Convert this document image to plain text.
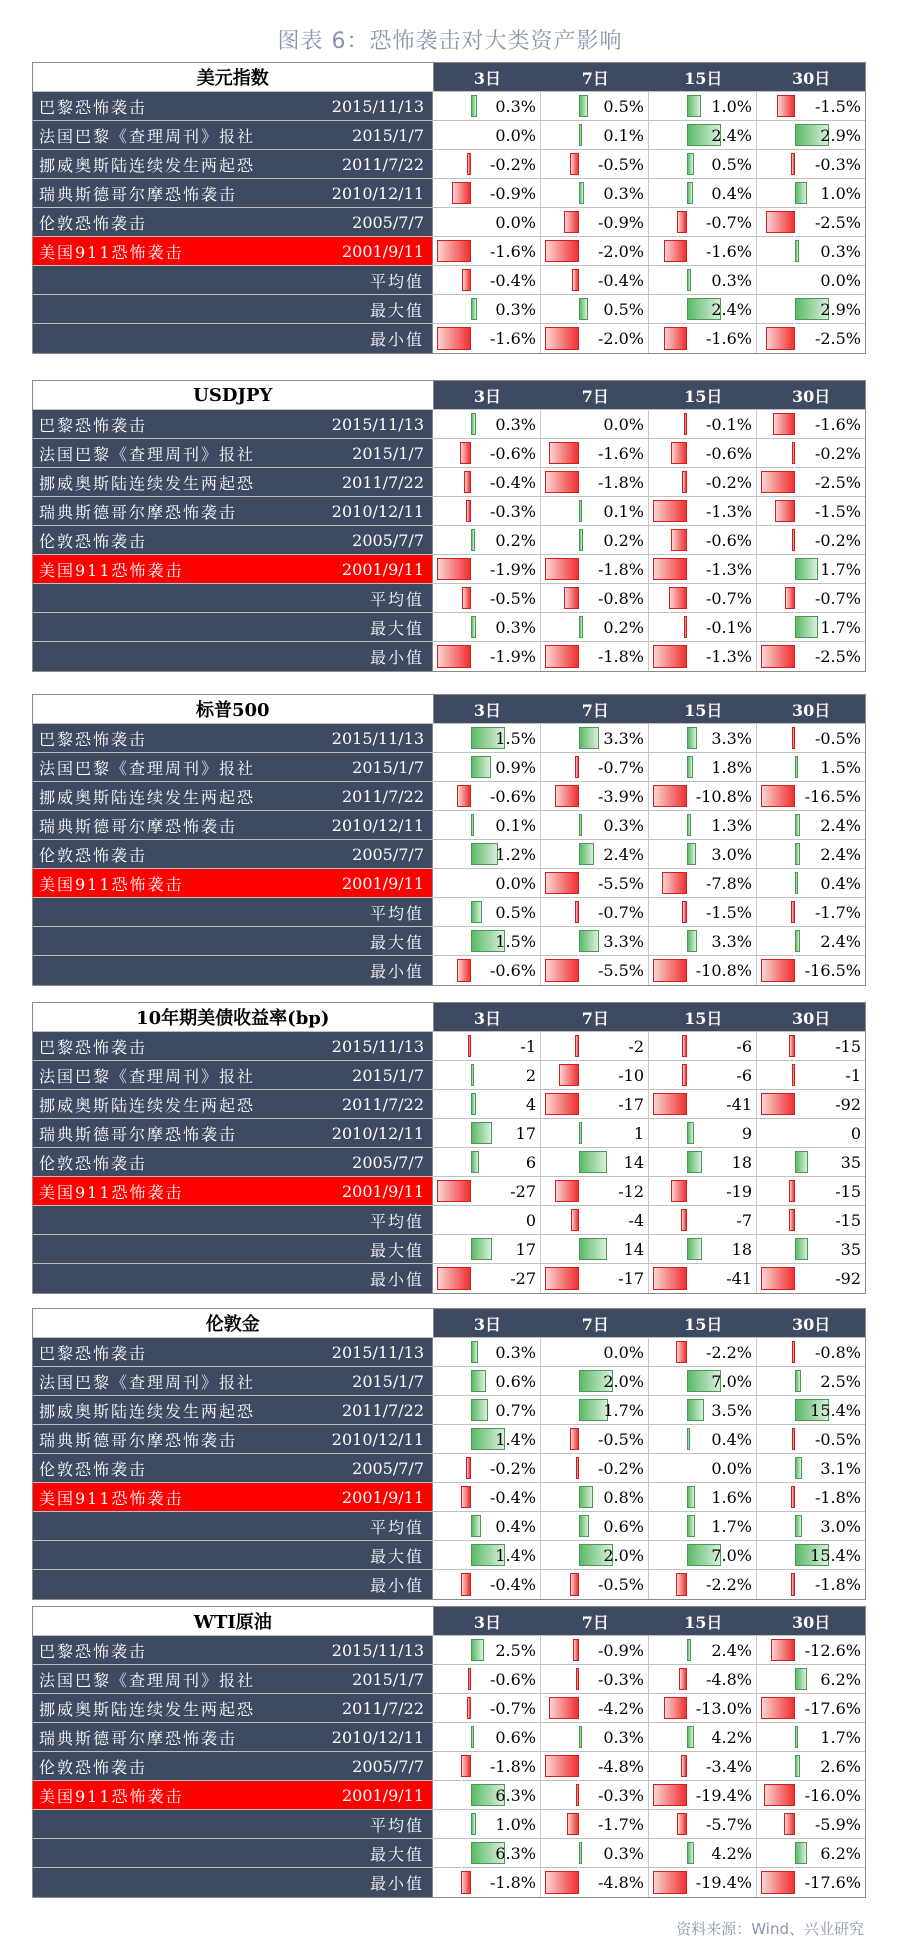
图表 6：恐怖袭击对大类资产影响
美元指数	3日	7日	15日	30日
巴黎恐怖袭击	2015/11/13	0.3%	0.5%	1.0%	-1.5%
法国巴黎《查理周刊》报社	2015/1/7	0.0%	0.1%	2.4%	2.9%
挪威奥斯陆连续发生两起恐	2011/7/22	-0.2%	-0.5%	0.5%	-0.3%
瑞典斯德哥尔摩恐怖袭击	2010/12/11	-0.9%	0.3%	0.4%	1.0%
伦敦恐怖袭击	2005/7/7	0.0%	-0.9%	-0.7%	-2.5%
美国911恐怖袭击	2001/9/11	-1.6%	-2.0%	-1.6%	0.3%
平均值	-0.4%	-0.4%	0.3%	0.0%
最大值	0.3%	0.5%	2.4%	2.9%
最小值	-1.6%	-2.0%	-1.6%	-2.5%
USDJPY	3日	7日	15日	30日
巴黎恐怖袭击	2015/11/13	0.3%	0.0%	-0.1%	-1.6%
法国巴黎《查理周刊》报社	2015/1/7	-0.6%	-1.6%	-0.6%	-0.2%
挪威奥斯陆连续发生两起恐	2011/7/22	-0.4%	-1.8%	-0.2%	-2.5%
瑞典斯德哥尔摩恐怖袭击	2010/12/11	-0.3%	0.1%	-1.3%	-1.5%
伦敦恐怖袭击	2005/7/7	0.2%	0.2%	-0.6%	-0.2%
美国911恐怖袭击	2001/9/11	-1.9%	-1.8%	-1.3%	1.7%
平均值	-0.5%	-0.8%	-0.7%	-0.7%
最大值	0.3%	0.2%	-0.1%	1.7%
最小值	-1.9%	-1.8%	-1.3%	-2.5%
标普500	3日	7日	15日	30日
巴黎恐怖袭击	2015/11/13	1.5%	3.3%	3.3%	-0.5%
法国巴黎《查理周刊》报社	2015/1/7	0.9%	-0.7%	1.8%	1.5%
挪威奥斯陆连续发生两起恐	2011/7/22	-0.6%	-3.9%	-10.8%	-16.5%
瑞典斯德哥尔摩恐怖袭击	2010/12/11	0.1%	0.3%	1.3%	2.4%
伦敦恐怖袭击	2005/7/7	1.2%	2.4%	3.0%	2.4%
美国911恐怖袭击	2001/9/11	0.0%	-5.5%	-7.8%	0.4%
平均值	0.5%	-0.7%	-1.5%	-1.7%
最大值	1.5%	3.3%	3.3%	2.4%
最小值	-0.6%	-5.5%	-10.8%	-16.5%
10年期美债收益率(bp)	3日	7日	15日	30日
巴黎恐怖袭击	2015/11/13	-1	-2	-6	-15
法国巴黎《查理周刊》报社	2015/1/7	2	-10	-6	-1
挪威奥斯陆连续发生两起恐	2011/7/22	4	-17	-41	-92
瑞典斯德哥尔摩恐怖袭击	2010/12/11	17	1	9	0
伦敦恐怖袭击	2005/7/7	6	14	18	35
美国911恐怖袭击	2001/9/11	-27	-12	-19	-15
平均值	0	-4	-7	-15
最大值	17	14	18	35
最小值	-27	-17	-41	-92
伦敦金	3日	7日	15日	30日
巴黎恐怖袭击	2015/11/13	0.3%	0.0%	-2.2%	-0.8%
法国巴黎《查理周刊》报社	2015/1/7	0.6%	2.0%	7.0%	2.5%
挪威奥斯陆连续发生两起恐	2011/7/22	0.7%	1.7%	3.5%	15.4%
瑞典斯德哥尔摩恐怖袭击	2010/12/11	1.4%	-0.5%	0.4%	-0.5%
伦敦恐怖袭击	2005/7/7	-0.2%	-0.2%	0.0%	3.1%
美国911恐怖袭击	2001/9/11	-0.4%	0.8%	1.6%	-1.8%
平均值	0.4%	0.6%	1.7%	3.0%
最大值	1.4%	2.0%	7.0%	15.4%
最小值	-0.4%	-0.5%	-2.2%	-1.8%
WTI原油	3日	7日	15日	30日
巴黎恐怖袭击	2015/11/13	2.5%	-0.9%	2.4%	-12.6%
法国巴黎《查理周刊》报社	2015/1/7	-0.6%	-0.3%	-4.8%	6.2%
挪威奥斯陆连续发生两起恐	2011/7/22	-0.7%	-4.2%	-13.0%	-17.6%
瑞典斯德哥尔摩恐怖袭击	2010/12/11	0.6%	0.3%	4.2%	1.7%
伦敦恐怖袭击	2005/7/7	-1.8%	-4.8%	-3.4%	2.6%
美国911恐怖袭击	2001/9/11	6.3%	-0.3%	-19.4%	-16.0%
平均值	1.0%	-1.7%	-5.7%	-5.9%
最大值	6.3%	0.3%	4.2%	6.2%
最小值	-1.8%	-4.8%	-19.4%	-17.6%
资料来源：Wind、兴业研究
